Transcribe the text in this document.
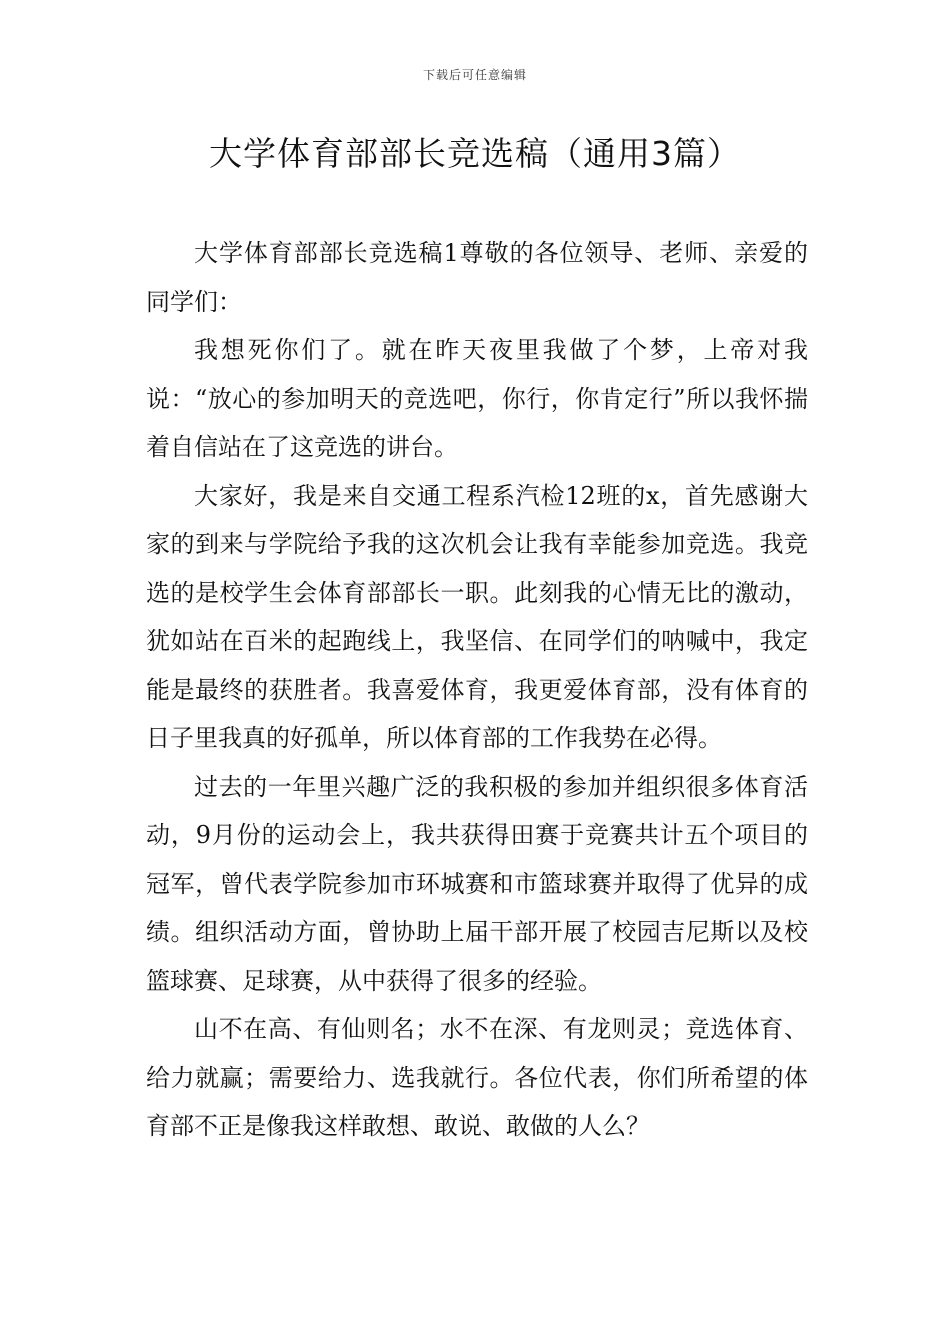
下载后可任意编辑
大学体育部部长竞选稿（通用3篇）

大学体育部部长竞选稿1尊敬的各位领导、老师、亲爱的同学们：

我想死你们了。就在昨天夜里我做了个梦，上帝对我说：“放心的参加明天的竞选吧，你行，你肯定行”所以我怀揣着自信站在了这竞选的讲台。

大家好，我是来自交通工程系汽检12班的x，首先感谢大家的到来与学院给予我的这次机会让我有幸能参加竞选。我竞选的是校学生会体育部部长一职。此刻我的心情无比的激动，犹如站在百米的起跑线上，我坚信、在同学们的呐喊中，我定能是最终的获胜者。我喜爱体育，我更爱体育部，没有体育的日子里我真的好孤单，所以体育部的工作我势在必得。

过去的一年里兴趣广泛的我积极的参加并组织很多体育活动，9月份的运动会上，我共获得田赛于竞赛共计五个项目的冠军，曾代表学院参加市环城赛和市篮球赛并取得了优异的成绩。组织活动方面，曾协助上届干部开展了校园吉尼斯以及校篮球赛、足球赛，从中获得了很多的经验。

山不在高、有仙则名；水不在深、有龙则灵；竞选体育、给力就赢；需要给力、选我就行。各位代表，你们所希望的体育部不正是像我这样敢想、敢说、敢做的人么？
